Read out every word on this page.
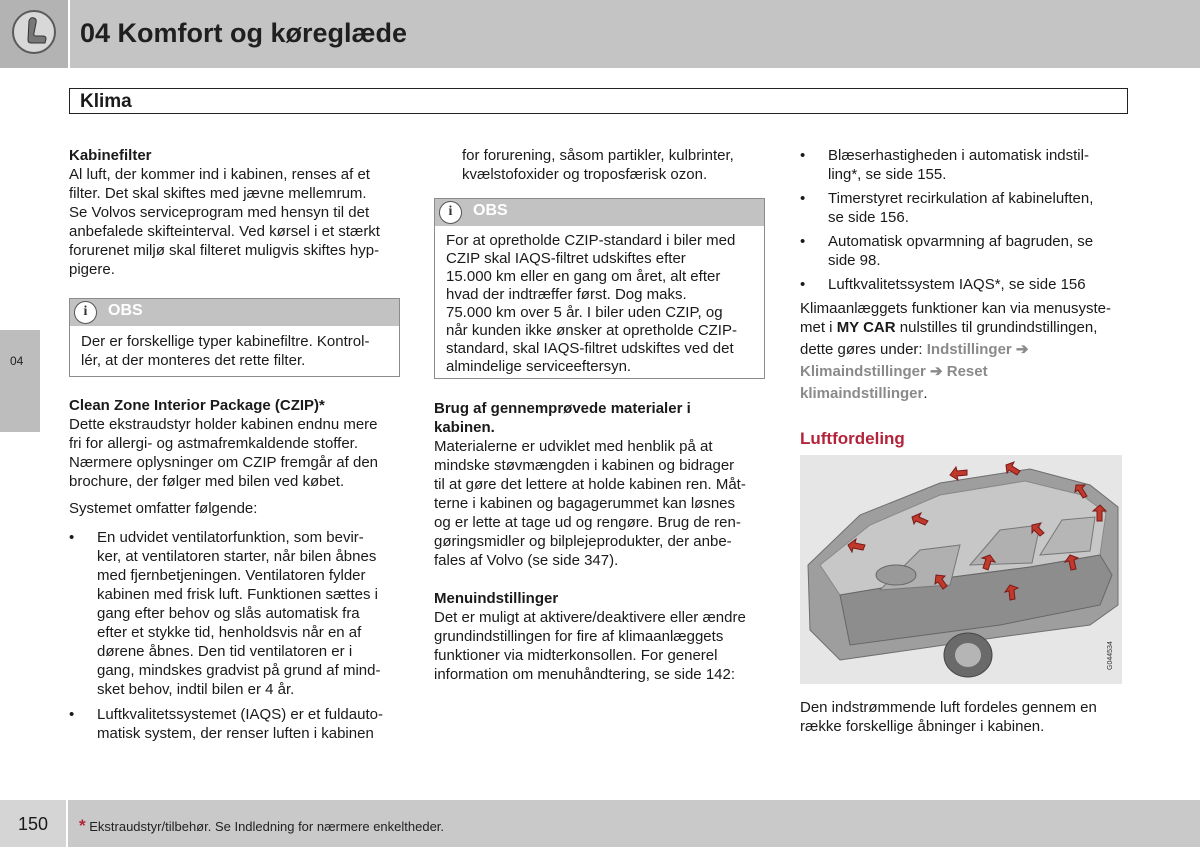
04 Komfort og køreglæde
04
Klima
Kabinefilter
Al luft, der kommer ind i kabinen, renses af et
filter. Det skal skiftes med jævne mellemrum.
Se Volvos serviceprogram med hensyn til det
anbefalede skifteinterval. Ved kørsel i et stærkt
forurenet miljø skal filteret muligvis skiftes hyp-
pigere.
i	OBS
Der er forskellige typer kabinefiltre. Kontrol-
lér, at der monteres det rette filter.
Clean Zone Interior Package (CZIP)*
Dette ekstraudstyr holder kabinen endnu mere
fri for allergi- og astmafremkaldende stoffer.
Nærmere oplysninger om CZIP fremgår af den
brochure, der følger med bilen ved købet.
Systemet omfatter følgende:
• En udvidet ventilatorfunktion, som bevir-
ker, at ventilatoren starter, når bilen åbnes
med fjernbetjeningen. Ventilatoren fylder
kabinen med frisk luft. Funktionen sættes i
gang efter behov og slås automatisk fra
efter et stykke tid, henholdsvis når en af
dørene åbnes. Den tid ventilatoren er i
gang, mindskes gradvist på grund af mind-
sket behov, indtil bilen er 4 år.
• Luftkvalitetssystemet (IAQS) er et fuldauto-
matisk system, der renser luften i kabinen
for forurening, såsom partikler, kulbrinter,
kvælstofoxider og troposfærisk ozon.
i	OBS
For at opretholde CZIP-standard i biler med
CZIP skal IAQS-filtret udskiftes efter
15.000 km eller en gang om året, alt efter
hvad der indtræffer først. Dog maks.
75.000 km over 5 år. I biler uden CZIP, og
når kunden ikke ønsker at opretholde CZIP-
standard, skal IAQS-filtret udskiftes ved det
almindelige serviceeftersyn.
Brug af gennemprøvede materialer i
kabinen.
Materialerne er udviklet med henblik på at
mindske støvmængden i kabinen og bidrager
til at gøre det lettere at holde kabinen ren. Måt-
terne i kabinen og bagagerummet kan løsnes
og er lette at tage ud og rengøre. Brug de ren-
gøringsmidler og bilplejeprodukter, der anbe-
fales af Volvo (se side 347).
Menuindstillinger
Det er muligt at aktivere/deaktivere eller ændre
grundindstillingen for fire af klimaanlæggets
funktioner via midterkonsollen. For generel
information om menuhåndtering, se side 142:
• Blæserhastigheden i automatisk indstil-
ling*, se side 155.
• Timerstyret recirkulation af kabineluften,
se side 156.
• Automatisk opvarmning af bagruden, se
side 98.
• Luftkvalitetssystem IAQS*, se side 156
Klimaanlæggets funktioner kan via menusyste-
met i MY CAR nulstilles til grundindstillingen,
dette gøres under: Indstillinger ➔
Klimaindstillinger ➔ Reset
klimaindstillinger.
Luftfordeling
G044534
Den indstrømmende luft fordeles gennem en
række forskellige åbninger i kabinen.
150 * Ekstraudstyr/tilbehør. Se Indledning for nærmere enkeltheder.
